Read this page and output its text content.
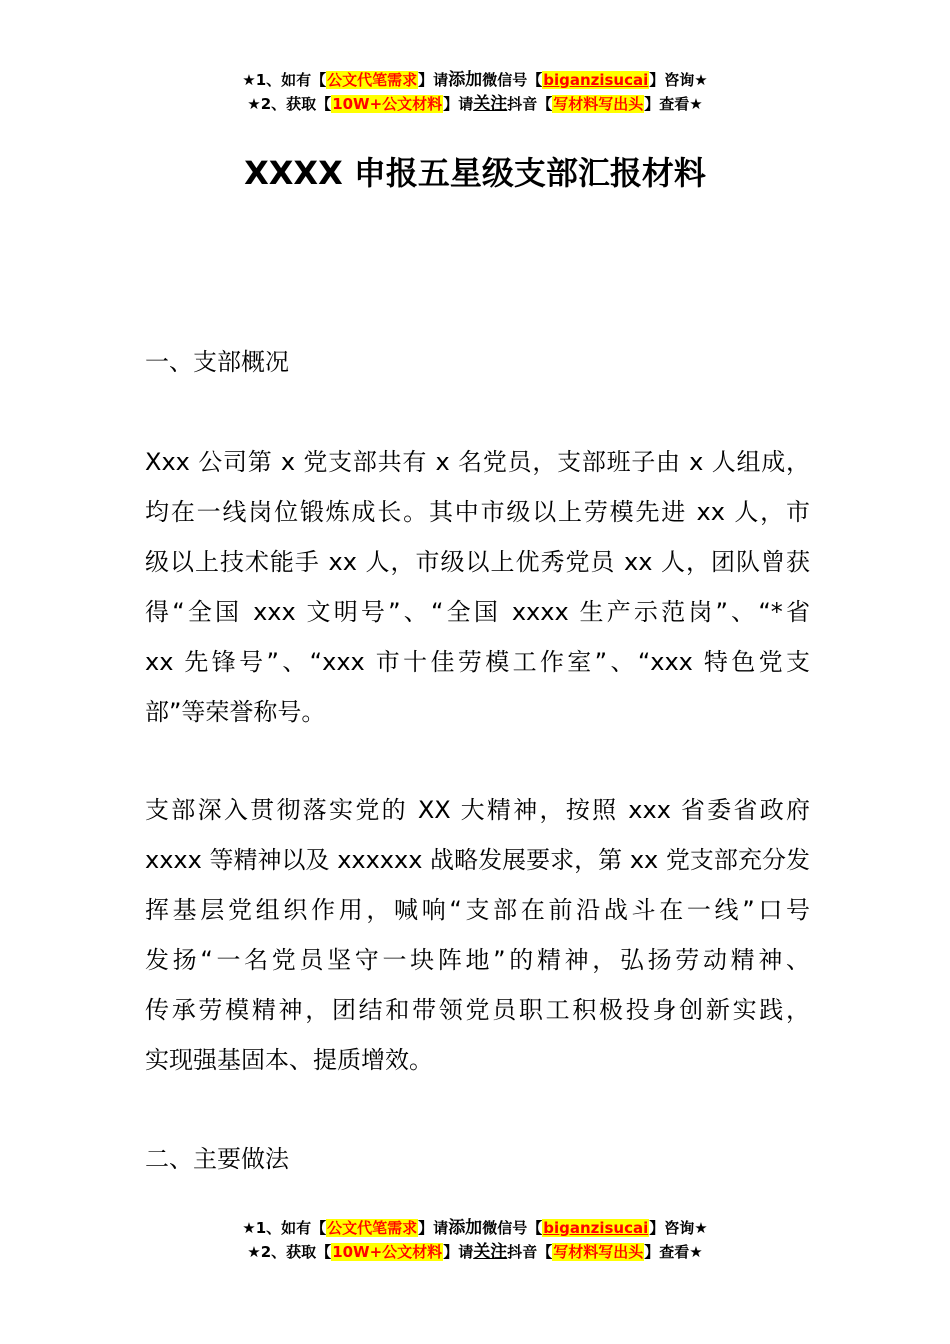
★1、如有【公文代笔需求】请添加微信号【biganzisucai】咨询★
★2、获取【10W+公文材料】请关注抖音【写材料写出头】查看★
XXXX 申报五星级支部汇报材料
一、支部概况
Xxx 公司第 x 党支部共有 x 名党员，支部班子由 x 人组成，
均在一线岗位锻炼成长。其中市级以上劳模先进 xx 人，市
级以上技术能手 xx 人，市级以上优秀党员 xx 人，团队曾获
得“全国 xxx 文明号”、“全国 xxxx 生产示范岗”、“*省
xx 先锋号”、“xxx 市十佳劳模工作室”、“xxx 特色党支
部”等荣誉称号。
支部深入贯彻落实党的 XX 大精神，按照 xxx 省委省政府
xxxx 等精神以及 xxxxxx 战略发展要求，第 xx 党支部充分发
挥基层党组织作用，喊响“支部在前沿战斗在一线”口号
发扬“一名党员坚守一块阵地”的精神，弘扬劳动精神、
传承劳模精神，团结和带领党员职工积极投身创新实践，
实现强基固本、提质增效。
二、主要做法
★1、如有【公文代笔需求】请添加微信号【biganzisucai】咨询★
★2、获取【10W+公文材料】请关注抖音【写材料写出头】查看★
